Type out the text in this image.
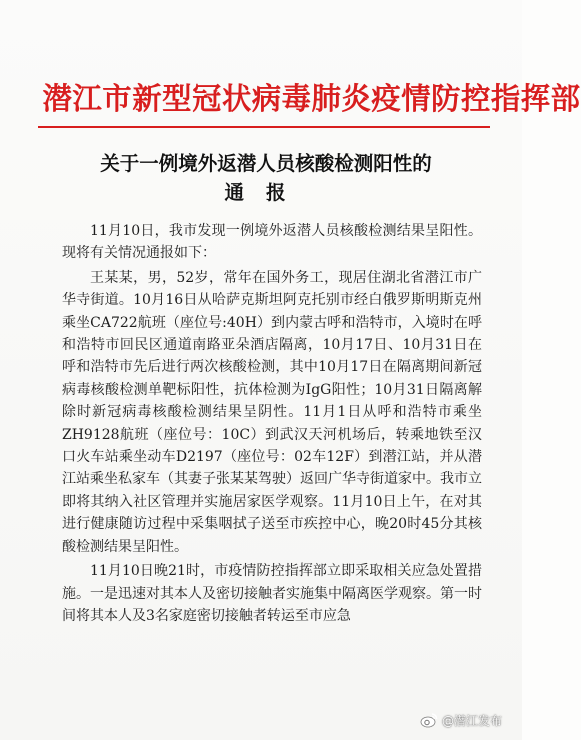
潜江市新型冠状病毒肺炎疫情防控指挥部
关于一例境外返潜人员核酸检测阳性的
通报

11月10日，我市发现一例境外返潜人员核酸检测结果呈阳性。现将有关情况通报如下：

王某某，男，52岁，常年在国外务工，现居住湖北省潜江市广华寺街道。10月16日从哈萨克斯坦阿克托别市经白俄罗斯明斯克州乘坐CA722航班（座位号:40H）到内蒙古呼和浩特市，入境时在呼和浩特市回民区通道南路亚朵酒店隔离，10月17日、10月31日在呼和浩特市先后进行两次核酸检测，其中10月17日在隔离期间新冠病毒核酸检测单靶标阳性，抗体检测为IgG阳性；10月31日隔离解除时新冠病毒核酸检测结果呈阴性。11月1日从呼和浩特市乘坐ZH9128航班（座位号：10C）到武汉天河机场后，转乘地铁至汉口火车站乘坐动车D2197（座位号：02车12F）到潜江站，并从潜江站乘坐私家车（其妻子张某某驾驶）返回广华寺街道家中。我市立即将其纳入社区管理并实施居家医学观察。11月10日上午，在对其进行健康随访过程中采集咽拭子送至市疾控中心，晚20时45分其核酸检测结果呈阳性。

11月10日晚21时，市疫情防控指挥部立即采取相关应急处置措施。一是迅速对其本人及密切接触者实施集中隔离医学观察。第一时间将其本人及3名家庭密切接触者转运至市应急

@潜江发布
